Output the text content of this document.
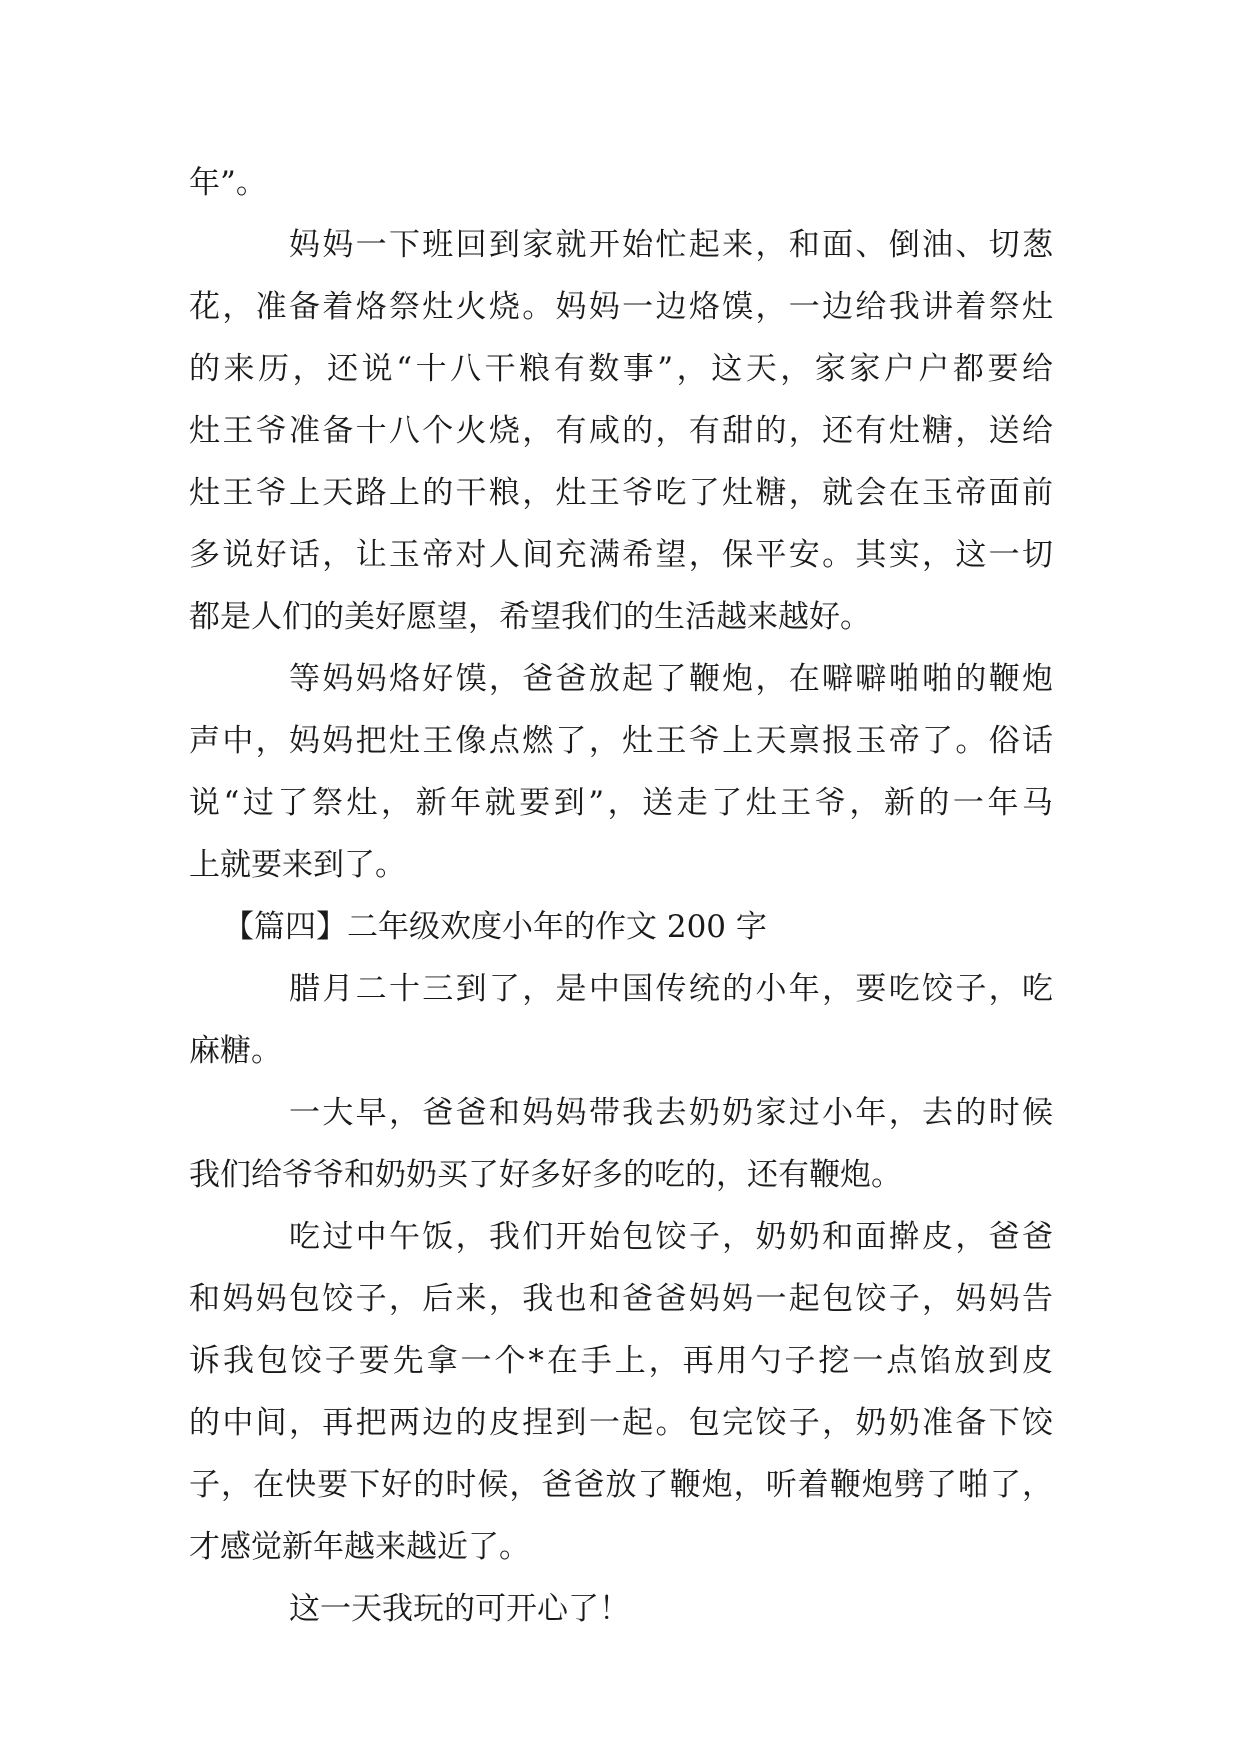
年”。
妈妈一下班回到家就开始忙起来，和面、倒油、切葱
花，准备着烙祭灶火烧。妈妈一边烙馍，一边给我讲着祭灶
的来历，还说“十八干粮有数事”，这天，家家户户都要给
灶王爷准备十八个火烧，有咸的，有甜的，还有灶糖，送给
灶王爷上天路上的干粮，灶王爷吃了灶糖，就会在玉帝面前
多说好话，让玉帝对人间充满希望，保平安。其实，这一切
都是人们的美好愿望，希望我们的生活越来越好。
等妈妈烙好馍，爸爸放起了鞭炮，在噼噼啪啪的鞭炮
声中，妈妈把灶王像点燃了，灶王爷上天禀报玉帝了。俗话
说“过了祭灶，新年就要到”，送走了灶王爷，新的一年马
上就要来到了。
【篇四】二年级欢度小年的作文 200 字
腊月二十三到了，是中国传统的小年，要吃饺子，吃
麻糖。
一大早，爸爸和妈妈带我去奶奶家过小年，去的时候
我们给爷爷和奶奶买了好多好多的吃的，还有鞭炮。
吃过中午饭，我们开始包饺子，奶奶和面擀皮，爸爸
和妈妈包饺子，后来，我也和爸爸妈妈一起包饺子，妈妈告
诉我包饺子要先拿一个*在手上，再用勺子挖一点馅放到皮
的中间，再把两边的皮捏到一起。包完饺子，奶奶准备下饺
子，在快要下好的时候，爸爸放了鞭炮，听着鞭炮劈了啪了，
才感觉新年越来越近了。
这一天我玩的可开心了！
